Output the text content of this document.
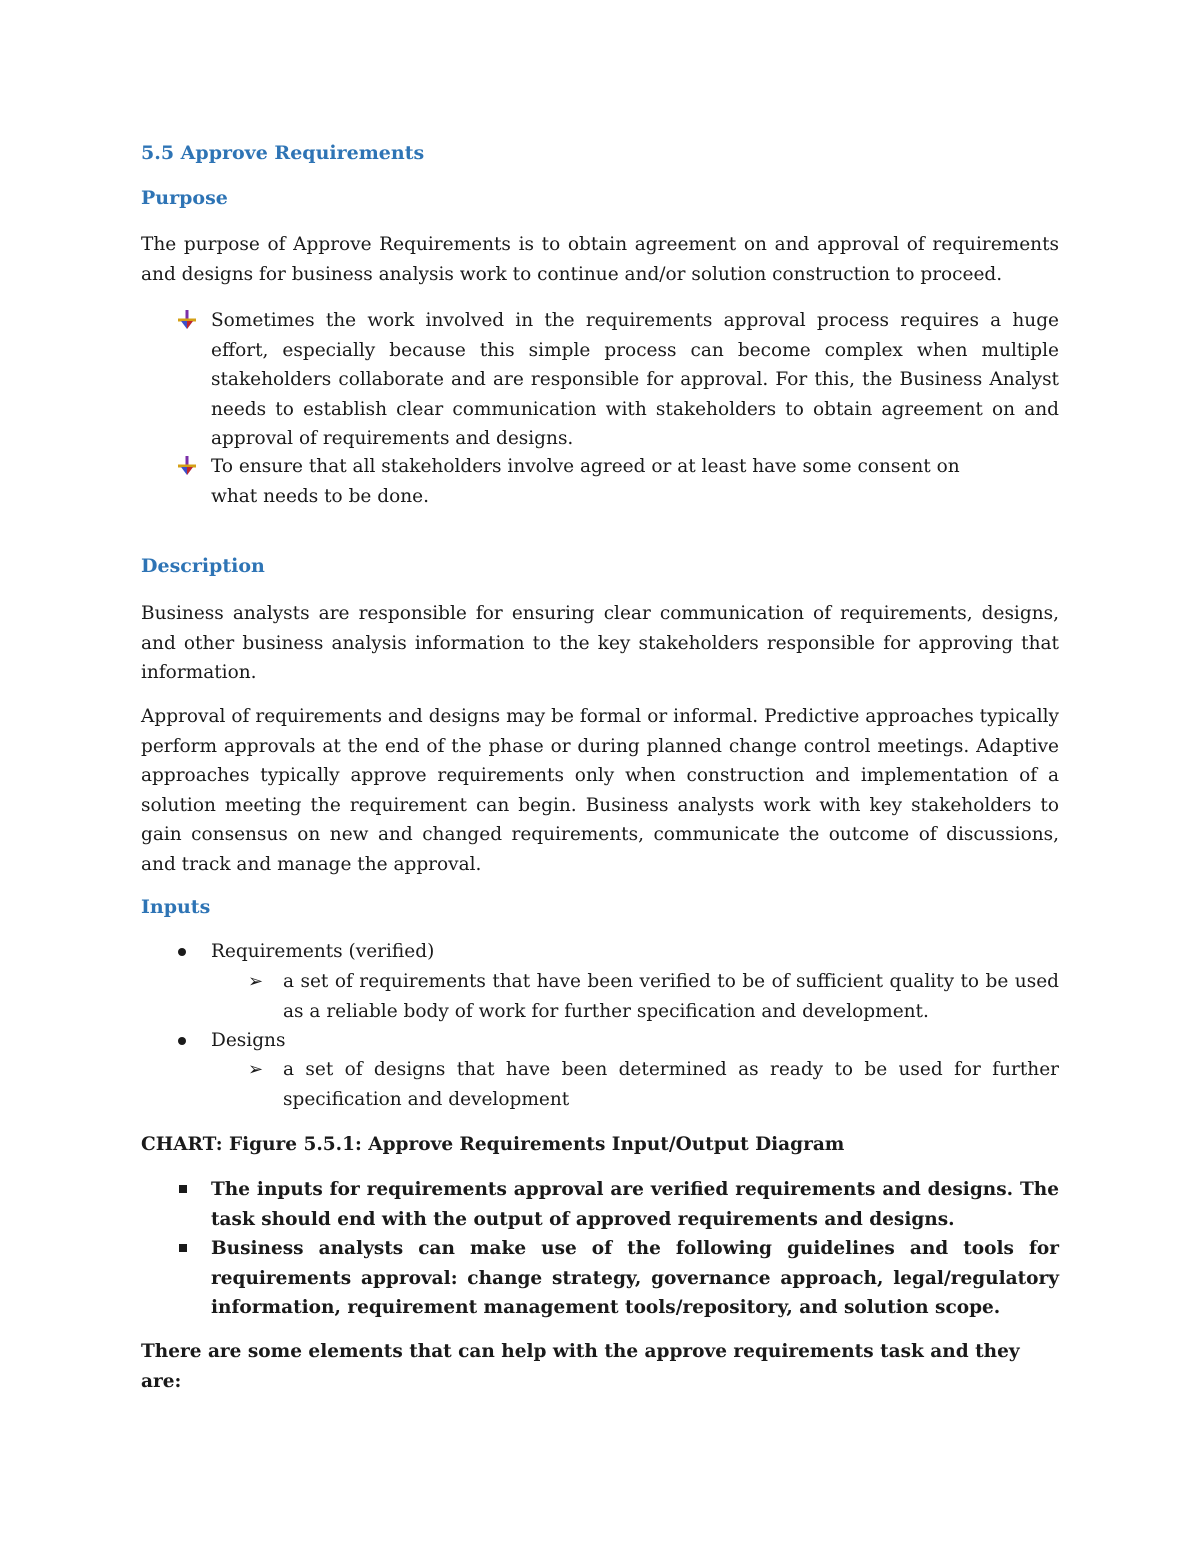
5.5 Approve Requirements
Purpose

The purpose of Approve Requirements is to obtain agreement on and approval of requirements and designs for business analysis work to continue and/or solution construction to proceed.

Sometimes the work involved in the requirements approval process requires a huge effort, especially because this simple process can become complex when multiple stakeholders collaborate and are responsible for approval. For this, the Business Analyst needs to establish clear communication with stakeholders to obtain agreement on and approval of requirements and designs.

To ensure that all stakeholders involve agreed or at least have some consent on what needs to be done.

Description

Business analysts are responsible for ensuring clear communication of requirements, designs, and other business analysis information to the key stakeholders responsible for approving that information.

Approval of requirements and designs may be formal or informal. Predictive approaches typically perform approvals at the end of the phase or during planned change control meetings. Adaptive approaches typically approve requirements only when construction and implementation of a solution meeting the requirement can begin. Business analysts work with key stakeholders to gain consensus on new and changed requirements, communicate the outcome of discussions, and track and manage the approval.

Inputs

Requirements (verified)

➢ a set of requirements that have been verified to be of sufficient quality to be used as a reliable body of work for further specification and development.

Designs

➢ a set of designs that have been determined as ready to be used for further specification and development

CHART: Figure 5.5.1: Approve Requirements Input/Output Diagram

The inputs for requirements approval are verified requirements and designs. The task should end with the output of approved requirements and designs.

Business analysts can make use of the following guidelines and tools for requirements approval: change strategy, governance approach, legal/regulatory information, requirement management tools/repository, and solution scope.

There are some elements that can help with the approve requirements task and they are:
